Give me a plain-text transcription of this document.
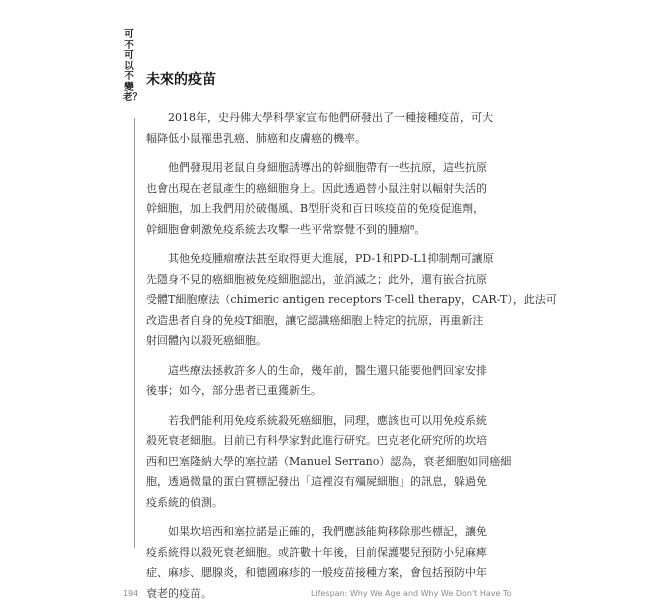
可不可以不變老？
未來的疫苗
2018年，史丹佛大學科學家宣布他們研發出了一種接種疫苗，可大
幅降低小鼠罹患乳癌、肺癌和皮膚癌的機率。
他們發現用老鼠自身細胞誘導出的幹細胞帶有一些抗原，這些抗原
也會出現在老鼠產生的癌細胞身上。因此透過替小鼠注射以輻射失活的
幹細胞，加上我們用於破傷風、B型肝炎和百日咳疫苗的免疫促進劑，
幹細胞會刺激免疫系統去攻擊一些平常察覺不到的腫瘤⁸。
其他免疫腫瘤療法甚至取得更大進展，PD-1和PD-L1抑制劑可讓原
先隱身不見的癌細胞被免疫細胞認出，並消滅之；此外，還有嵌合抗原
受體T細胞療法（chimeric antigen receptors T-cell therapy，CAR-T），此法可
改造患者自身的免疫T細胞，讓它認識癌細胞上特定的抗原，再重新注
射回體內以殺死癌細胞。
這些療法拯救許多人的生命，幾年前，醫生還只能要他們回家安排
後事；如今，部分患者已重獲新生。
若我們能利用免疫系統殺死癌細胞，同理，應該也可以用免疫系統
殺死衰老細胞。目前已有科學家對此進行研究。巴克老化研究所的坎培
西和巴塞隆納大學的塞拉諾（Manuel Serrano）認為，衰老細胞如同癌細
胞，透過微量的蛋白質標記發出「這裡沒有殭屍細胞」的訊息，躲過免
疫系統的偵測。
如果坎培西和塞拉諾是正確的，我們應該能夠移除那些標記，讓免
疫系統得以殺死衰老細胞。或許數十年後，目前保護嬰兒預防小兒麻痺
症、麻疹、腮腺炎，和德國麻疹的一般疫苗接種方案，會包括預防中年
衰老的疫苗。
194	Lifespan: Why We Age and Why We Don't Have To
